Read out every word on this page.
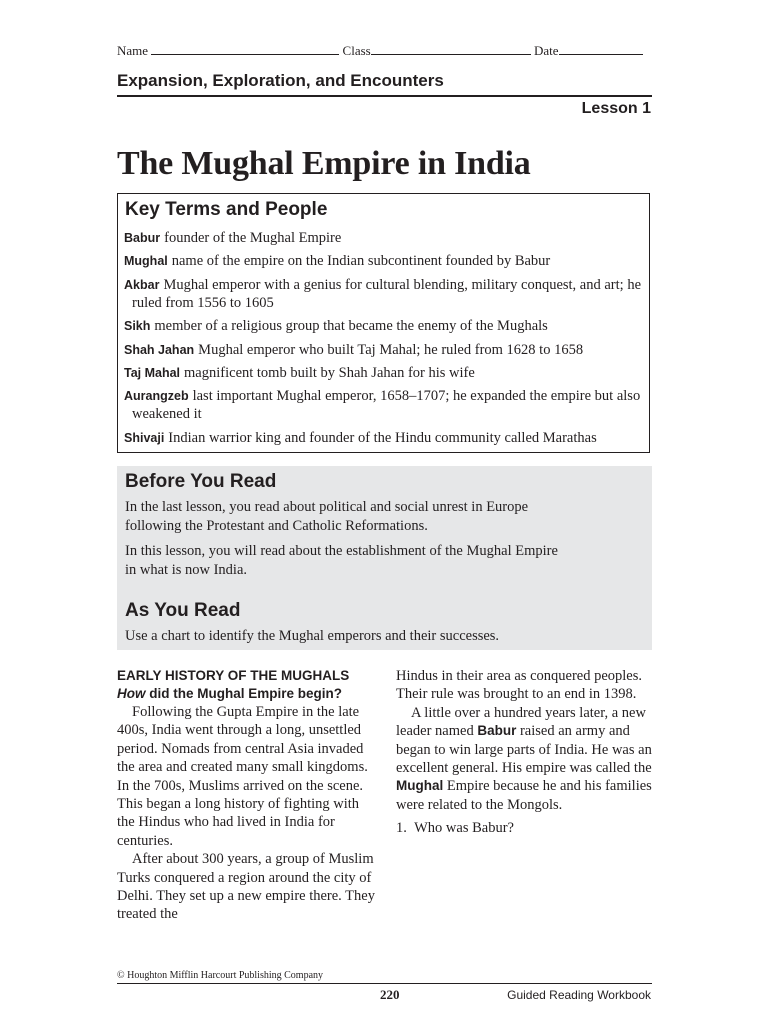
Name	Class	Date
Expansion, Exploration, and Encounters
Lesson 1
The Mughal Empire in India
Key Terms and People
Babur founder of the Mughal Empire
Mughal name of the empire on the Indian subcontinent founded by Babur
Akbar Mughal emperor with a genius for cultural blending, military conquest, and art; he ruled from 1556 to 1605
Sikh member of a religious group that became the enemy of the Mughals
Shah Jahan Mughal emperor who built Taj Mahal; he ruled from 1628 to 1658
Taj Mahal magnificent tomb built by Shah Jahan for his wife
Aurangzeb last important Mughal emperor, 1658–1707; he expanded the empire but also weakened it
Shivaji Indian warrior king and founder of the Hindu community called Marathas
Before You Read
In the last lesson, you read about political and social unrest in Europe following the Protestant and Catholic Reformations.
In this lesson, you will read about the establishment of the Mughal Empire in what is now India.
As You Read
Use a chart to identify the Mughal emperors and their successes.
EARLY HISTORY OF THE MUGHALS
How did the Mughal Empire begin?

Following the Gupta Empire in the late 400s, India went through a long, unsettled period. Nomads from central Asia invaded the area and created many small kingdoms. In the 700s, Muslims arrived on the scene. This began a long history of fighting with the Hindus who had lived in India for centuries.

After about 300 years, a group of Muslim Turks conquered a region around the city of Delhi. They set up a new empire there. They treated the

Hindus in their area as conquered peoples. Their rule was brought to an end in 1398.

A little over a hundred years later, a new leader named Babur raised an army and began to win large parts of India. He was an excellent general. His empire was called the Mughal Empire because he and his families were related to the Mongols.

1.  Who was Babur?
© Houghton Mifflin Harcourt Publishing Company
220	Guided Reading Workbook
